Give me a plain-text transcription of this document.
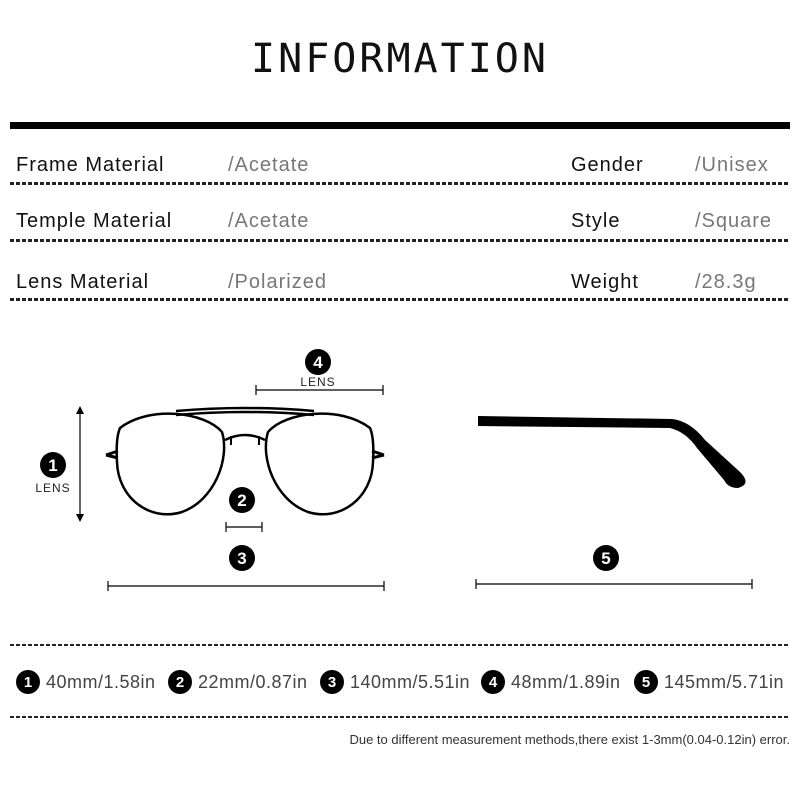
INFORMATION
Frame Material	/Acetate	Gender	/Unisex
Temple Material	/Acetate	Style	/Square
Lens Material	/Polarized	Weight	/28.3g
1
LENS
2
3
4
LENS
5
1 40mm/1.58in	2 22mm/0.87in	3 140mm/5.51in	4 48mm/1.89in	5 145mm/5.71in
Due to different measurement methods,there exist 1-3mm(0.04-0.12in) error.
